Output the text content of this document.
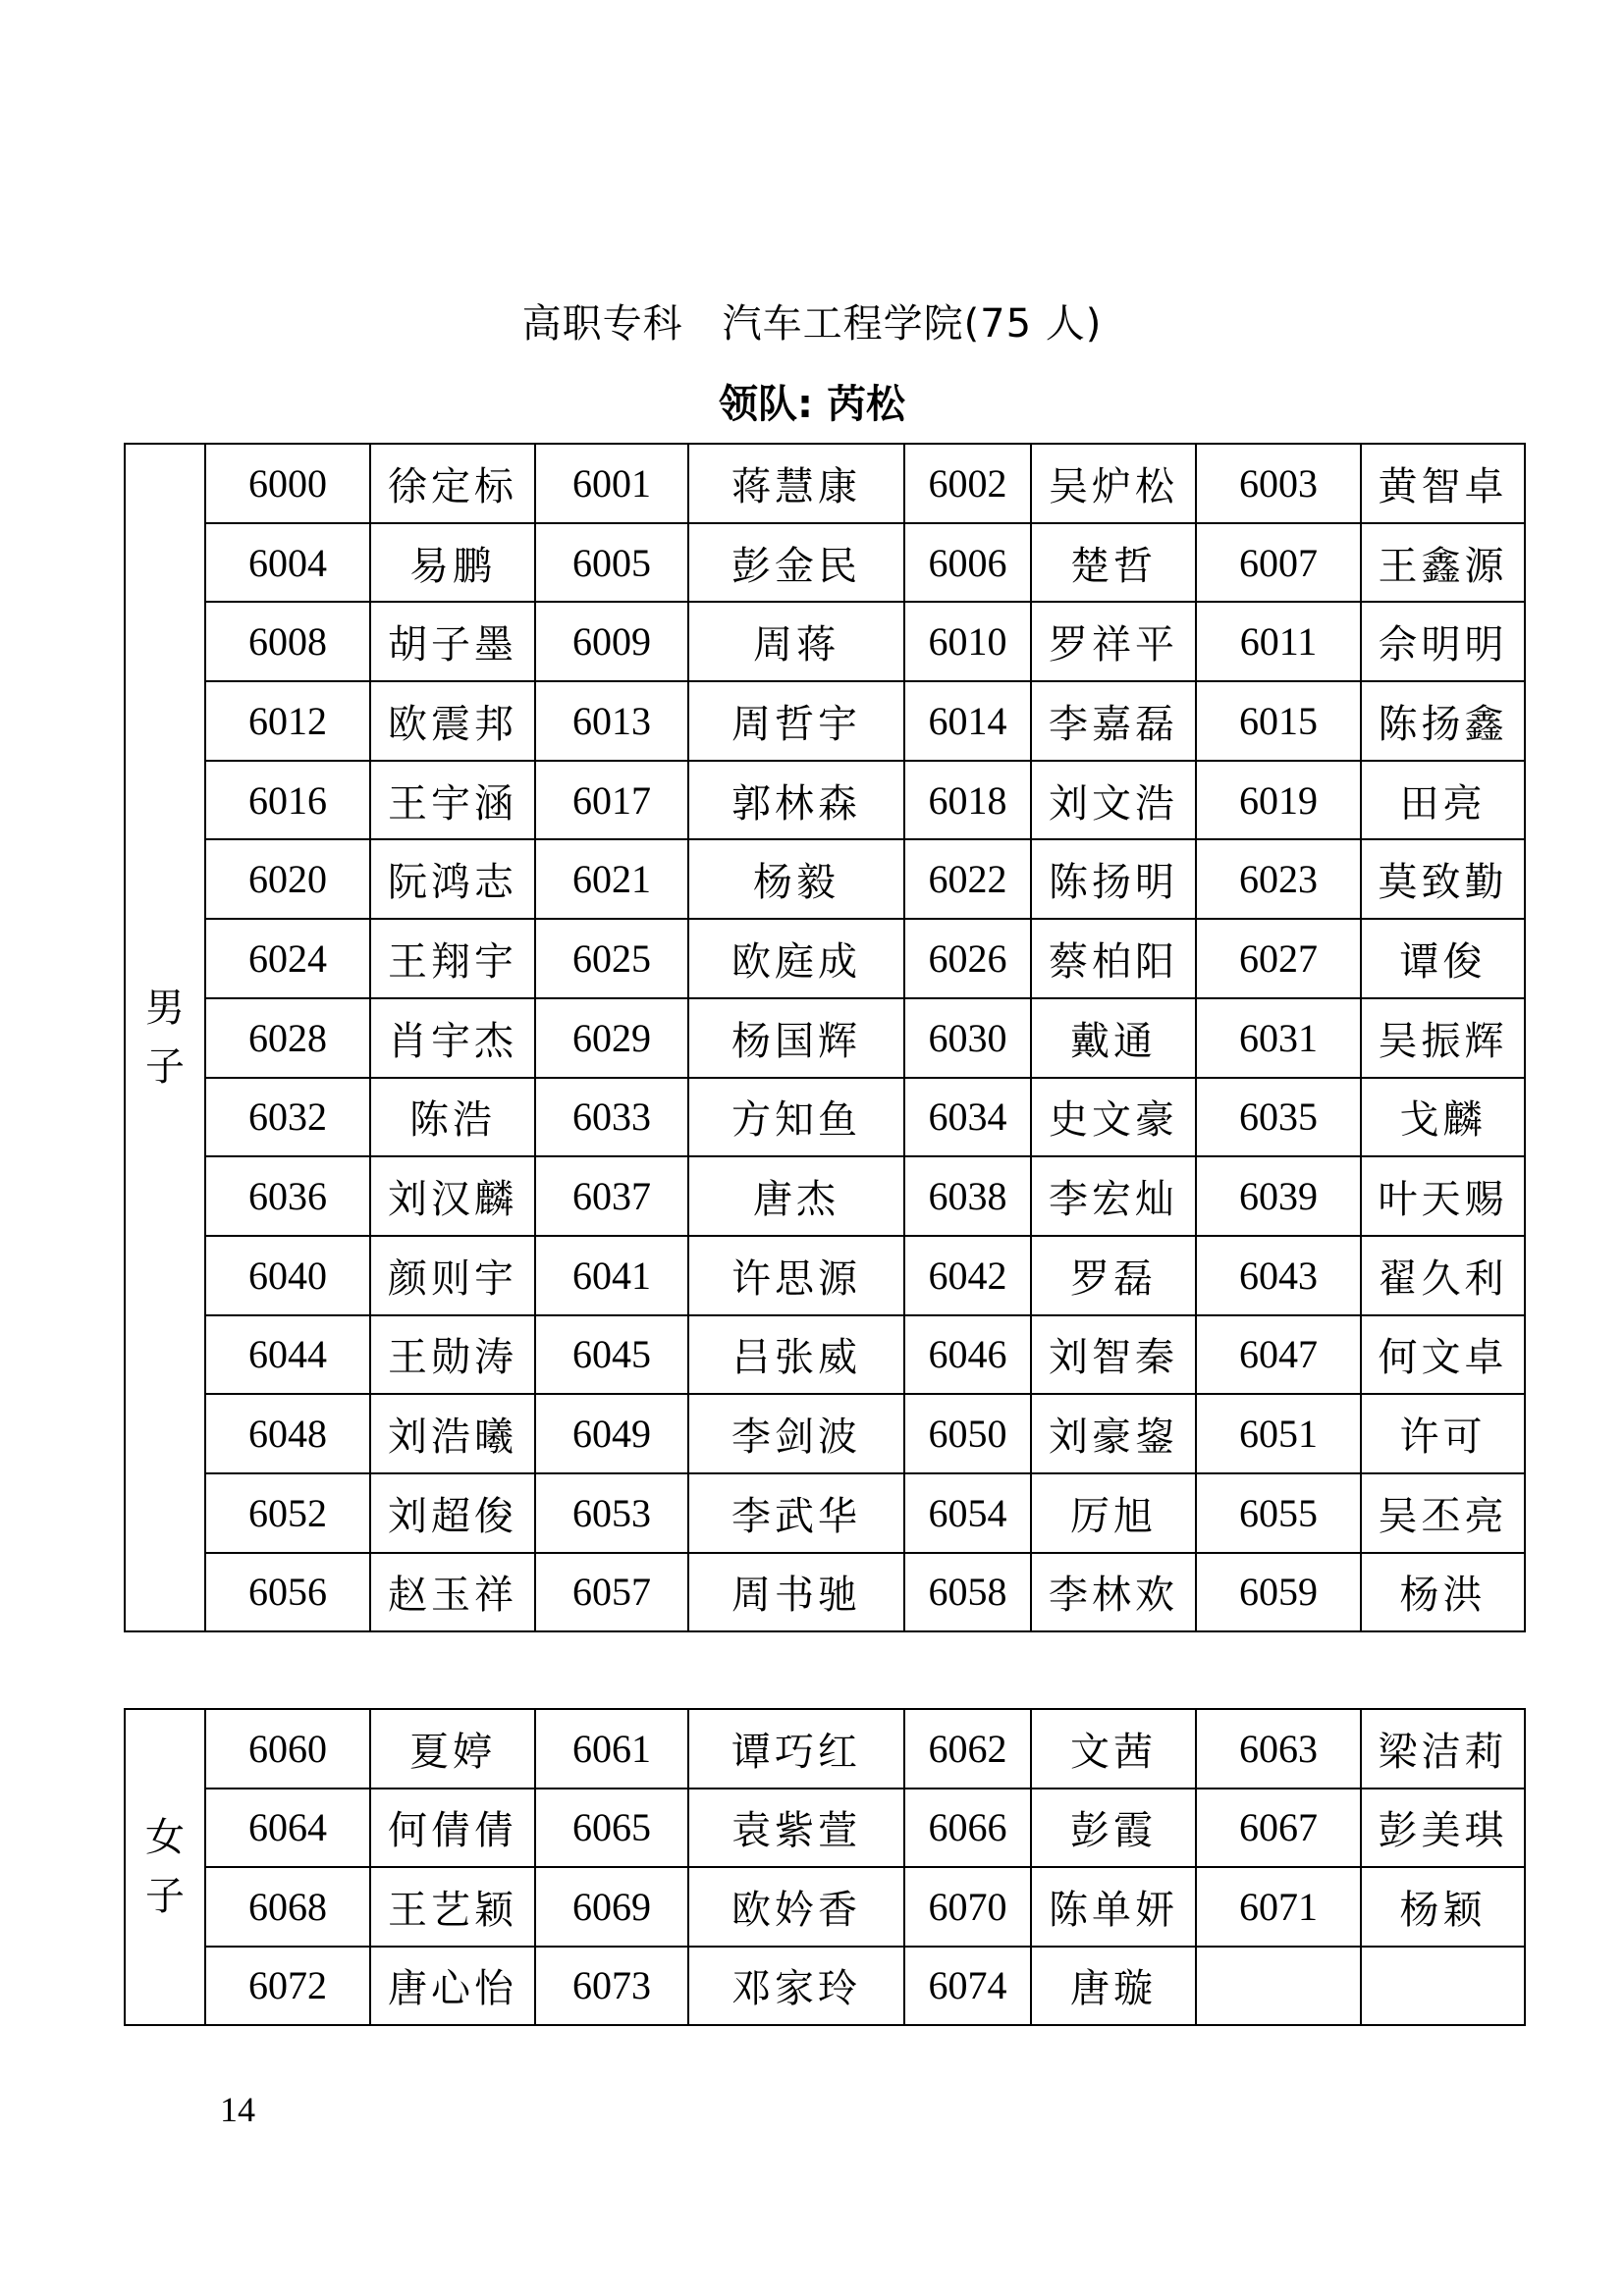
高职专科 汽车工程学院(75 人)
领队: 芮松
男
子	6000	徐定标	6001	蒋慧康	6002	吴炉松	6003	黄智卓
	6004	易鹏	6005	彭金民	6006	楚哲	6007	王鑫源
	6008	胡子墨	6009	周蒋	6010	罗祥平	6011	佘明明
	6012	欧震邦	6013	周哲宇	6014	李嘉磊	6015	陈扬鑫
	6016	王宇涵	6017	郭林森	6018	刘文浩	6019	田亮
	6020	阮鸿志	6021	杨毅	6022	陈扬明	6023	莫致勤
	6024	王翔宇	6025	欧庭成	6026	蔡柏阳	6027	谭俊
	6028	肖宇杰	6029	杨国辉	6030	戴通	6031	吴振辉
	6032	陈浩	6033	方知鱼	6034	史文豪	6035	戈麟
	6036	刘汉麟	6037	唐杰	6038	李宏灿	6039	叶天赐
	6040	颜则宇	6041	许思源	6042	罗磊	6043	翟久利
	6044	王勋涛	6045	吕张威	6046	刘智秦	6047	何文卓
	6048	刘浩曦	6049	李剑波	6050	刘豪鋆	6051	许可
	6052	刘超俊	6053	李武华	6054	厉旭	6055	吴丕亮
	6056	赵玉祥	6057	周书驰	6058	李林欢	6059	杨洪
女
子	6060	夏婷	6061	谭巧红	6062	文茜	6063	梁洁莉
	6064	何倩倩	6065	袁紫萱	6066	彭霞	6067	彭美琪
	6068	王艺颖	6069	欧妗香	6070	陈单妍	6071	杨颖
	6072	唐心怡	6073	邓家玲	6074	唐璇		
14
